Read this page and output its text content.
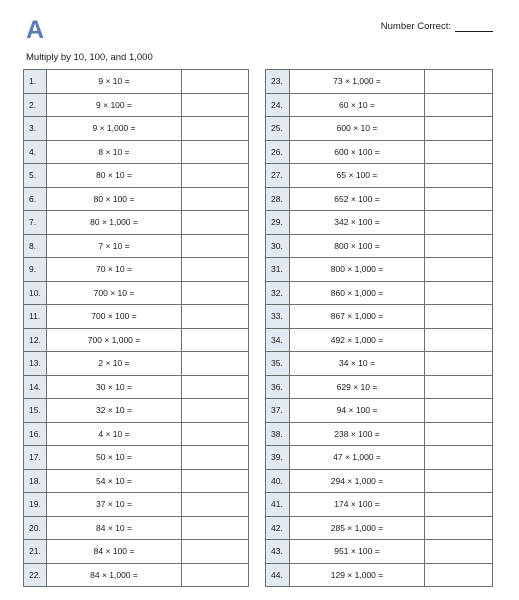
A	Number Correct:
Multiply by 10, 100, and 1,000
1.	9 × 10 =	
2.	9 × 100 =	
3.	9 × 1,000 =	
4.	8 × 10 =	
5.	80 × 10 =	
6.	80 × 100 =	
7.	80 × 1,000 =	
8.	7 × 10 =	
9.	70 × 10 =	
10.	700 × 10 =	
11.	700 × 100 =	
12.	700 × 1,000 =	
13.	2 × 10 =	
14.	30 × 10 =	
15.	32 × 10 =	
16.	4 × 10 =	
17.	50 × 10 =	
18.	54 × 10 =	
19.	37 × 10 =	
20.	84 × 10 =	
21.	84 × 100 =	
22.	84 × 1,000 =	
23.	73 × 1,000 =	
24.	60 × 10 =	
25.	600 × 10 =	
26.	600 × 100 =	
27.	65 × 100 =	
28.	652 × 100 =	
29.	342 × 100 =	
30.	800 × 100 =	
31.	800 × 1,000 =	
32.	860 × 1,000 =	
33.	867 × 1,000 =	
34.	492 × 1,000 =	
35.	34 × 10 =	
36.	629 × 10 =	
37.	94 × 100 =	
38.	238 × 100 =	
39.	47 × 1,000 =	
40.	294 × 1,000 =	
41.	174 × 100 =	
42.	285 × 1,000 =	
43.	951 × 100 =	
44.	129 × 1,000 =	
